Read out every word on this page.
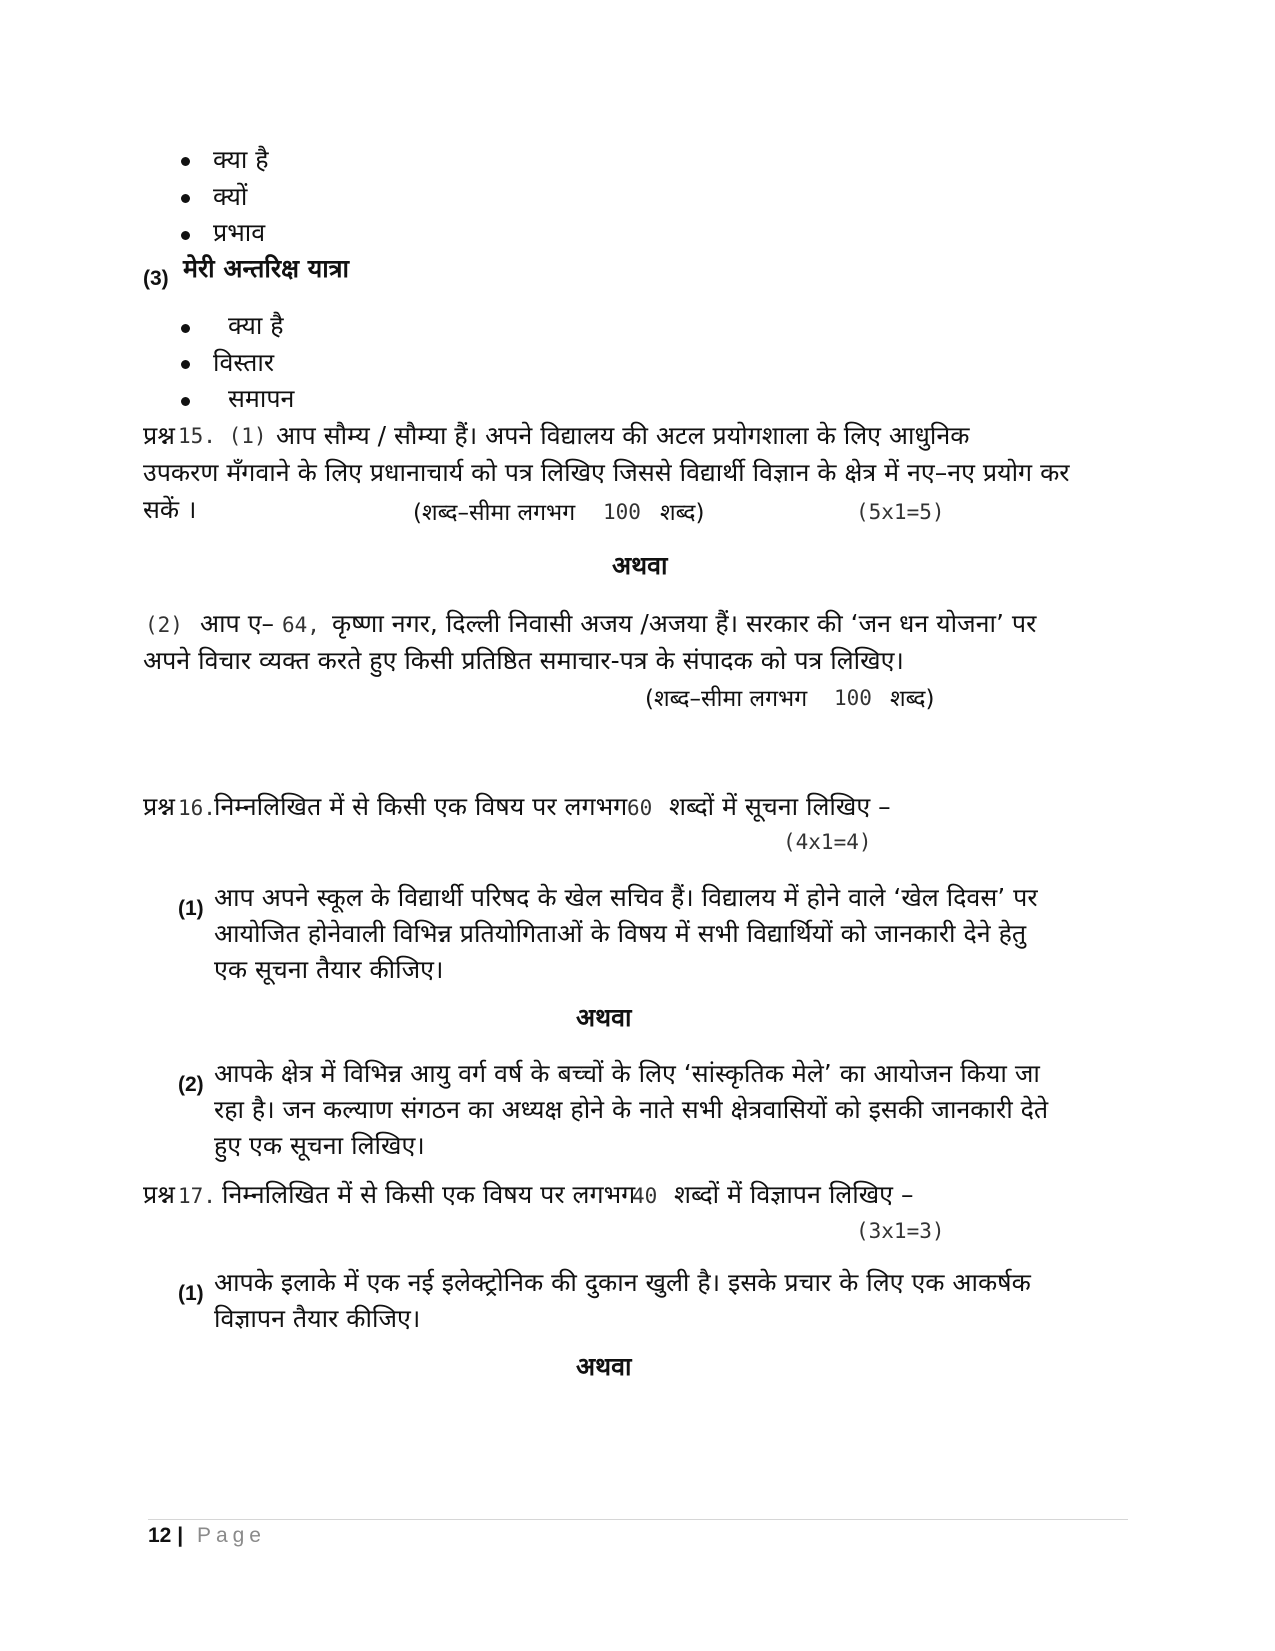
क्या है
क्यों
प्रभाव
(3) मेरी अन्तरिक्ष यात्रा
क्या है
विस्तार
समापन
प्रश्न 15. (1) आप सौम्य / सौम्या हैं। अपने विद्यालय की अटल प्रयोगशाला के लिए आधुनिक
उपकरण मँगवाने के लिए प्रधानाचार्य को पत्र लिखिए जिससे विद्यार्थी विज्ञान के क्षेत्र में नए–नए प्रयोग कर
सकें ।	(शब्द–सीमा लगभग 100 शब्द)	(5x1=5)
अथवा
(2) आप ए– 64, कृष्णा नगर, दिल्ली निवासी अजय /अजया हैं। सरकार की ‘जन धन योजना’ पर
अपने विचार व्यक्त करते हुए किसी प्रतिष्ठित समाचार-पत्र के संपादक को पत्र लिखिए।
(शब्द–सीमा लगभग 100 शब्द)
प्रश्न 16.
निम्नलिखित में से किसी एक विषय पर लगभग 60 शब्दों में सूचना लिखिए –
(4x1=4)
(1) आप अपने स्कूल के विद्यार्थी परिषद के खेल सचिव हैं। विद्यालय में होने वाले ‘खेल दिवस’ पर
आयोजित होनेवाली विभिन्न प्रतियोगिताओं के विषय में सभी विद्यार्थियों को जानकारी देने हेतु
एक सूचना तैयार कीजिए।
अथवा
(2) आपके क्षेत्र में विभिन्न आयु वर्ग वर्ष के बच्चों के लिए ‘सांस्कृतिक मेले’ का आयोजन किया जा
रहा है। जन कल्याण संगठन का अध्यक्ष होने के नाते सभी क्षेत्रवासियों को इसकी जानकारी देते
हुए एक सूचना लिखिए।
प्रश्न 17. निम्नलिखित में से किसी एक विषय पर लगभग
40 शब्दों में विज्ञापन लिखिए –
(3x1=3)
(1) आपके इलाके में एक नई इलेक्ट्रोनिक की दुकान खुली है। इसके प्रचार के लिए एक आकर्षक
विज्ञापन तैयार कीजिए।
अथवा
12 | Page
